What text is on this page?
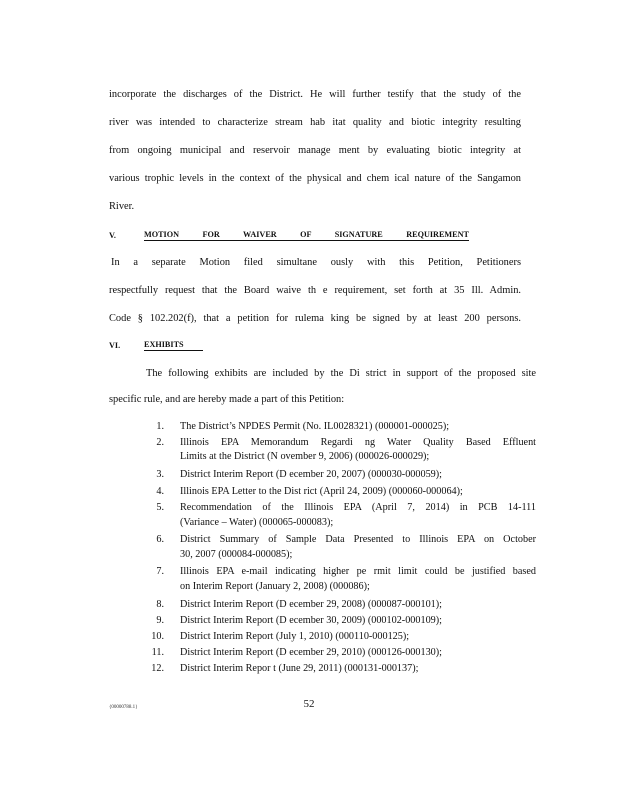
incorporate the discharges of the District. He will further testify that the study of the
river was intended to characterize stream hab itat quality and biotic integrity resulting
from ongoing municipal and reservoir manage ment by evaluating biotic integrity at
various trophic levels in the context of the physical and chem ical nature of the Sangamon
River.
V.	MOTION FOR WAIVER OF SIGNATURE REQUIREMENT
In a separate Motion filed simultane ously with this Petition, Petitioners
respectfully request that the Board waive th e requirement, set forth at 35 Ill. Admin.
Code § 102.202(f), that a petition for rulema king be signed by at least 200 persons.
VI.	EXHIBITS
The following exhibits are included by the Di strict in support of the proposed site
specific rule, and are hereby made a part of this Petition:
1. The District’s NPDES Permit (No. IL0028321) (000001-000025);
2. Illinois EPA Memorandum Regardi ng Water Quality Based Effluent
Limits at the District (N ovember 9, 2006) (000026-000029);
3. District Interim Report (D ecember 20, 2007) (000030-000059);
4. Illinois EPA Letter to the Dist rict (April 24, 2009) (000060-000064);
5. Recommendation of the Illinois EPA (April 7, 2014) in PCB 14-111
(Variance – Water) (000065-000083);
6. District Summary of Sample Data Presented to Illinois EPA on October
30, 2007 (000084-000085);
7. Illinois EPA e-mail indicating higher pe rmit limit could be justified based
on Interim Report (January 2, 2008) (000086);
8. District Interim Report (D ecember 29, 2008) (000087-000101);
9. District Interim Report (D ecember 30, 2009) (000102-000109);
10. District Interim Report (July 1, 2010) (000110-000125);
11. District Interim Report (D ecember 29, 2010) (000126-000130);
12. District Interim Repor t (June 29, 2011) (000131-000137);
{00000788.1}	52
